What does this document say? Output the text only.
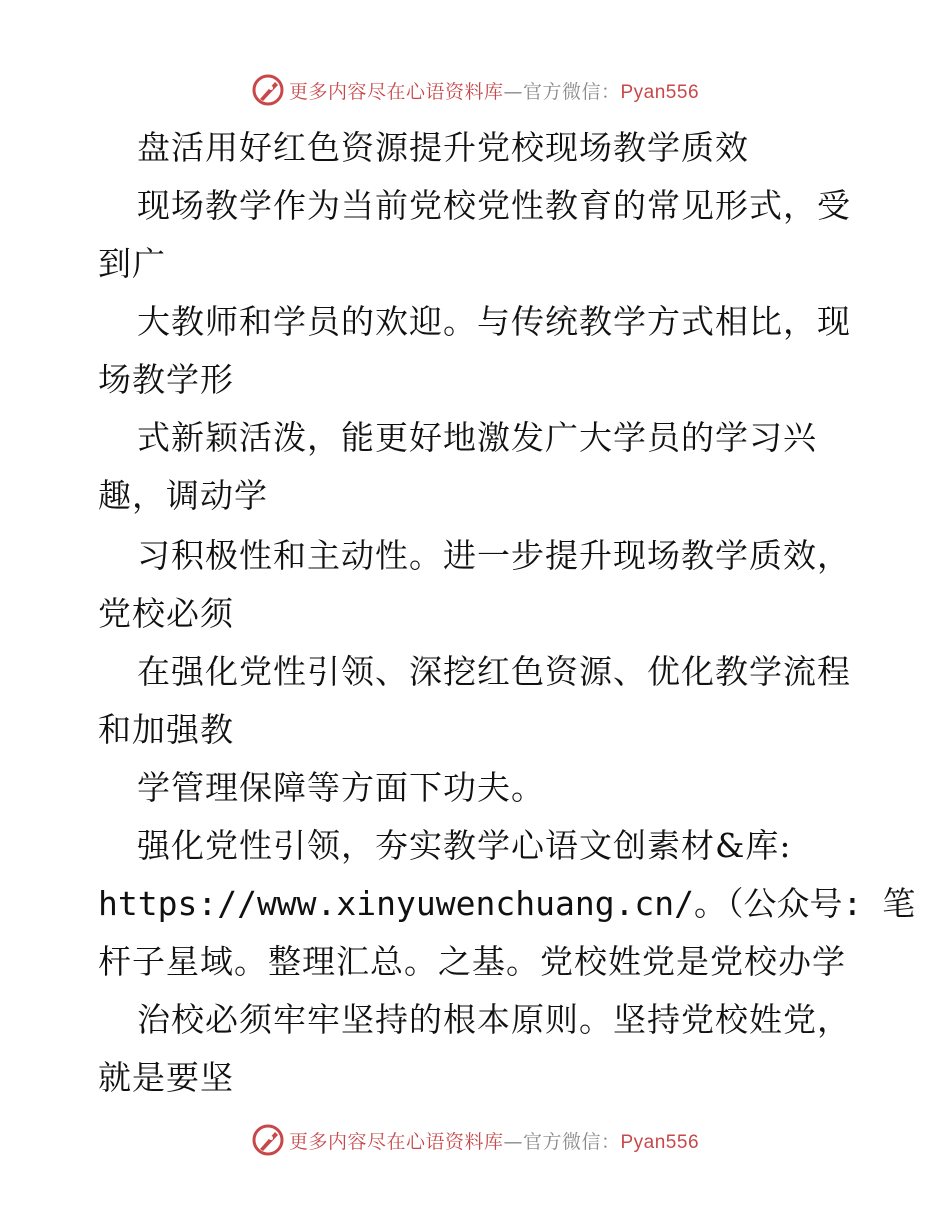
更多内容尽在心语资料库—官方微信：Pyan556
盘活用好红色资源提升党校现场教学质效
现场教学作为当前党校党性教育的常见形式，受
到广
大教师和学员的欢迎。与传统教学方式相比，现
场教学形
式新颖活泼，能更好地激发广大学员的学习兴
趣，调动学
习积极性和主动性。进一步提升现场教学质效，
党校必须
在强化党性引领、深挖红色资源、优化教学流程
和加强教
学管理保障等方面下功夫。
强化党性引领，夯实教学心语文创素材&库:
https://www.xinyuwenchuang.cn/。（公众号: 笔
杆子星域。整理汇总。之基。党校姓党是党校办学
治校必须牢牢坚持的根本原则。坚持党校姓党，
就是要坚
更多内容尽在心语资料库—官方微信：Pyan556
